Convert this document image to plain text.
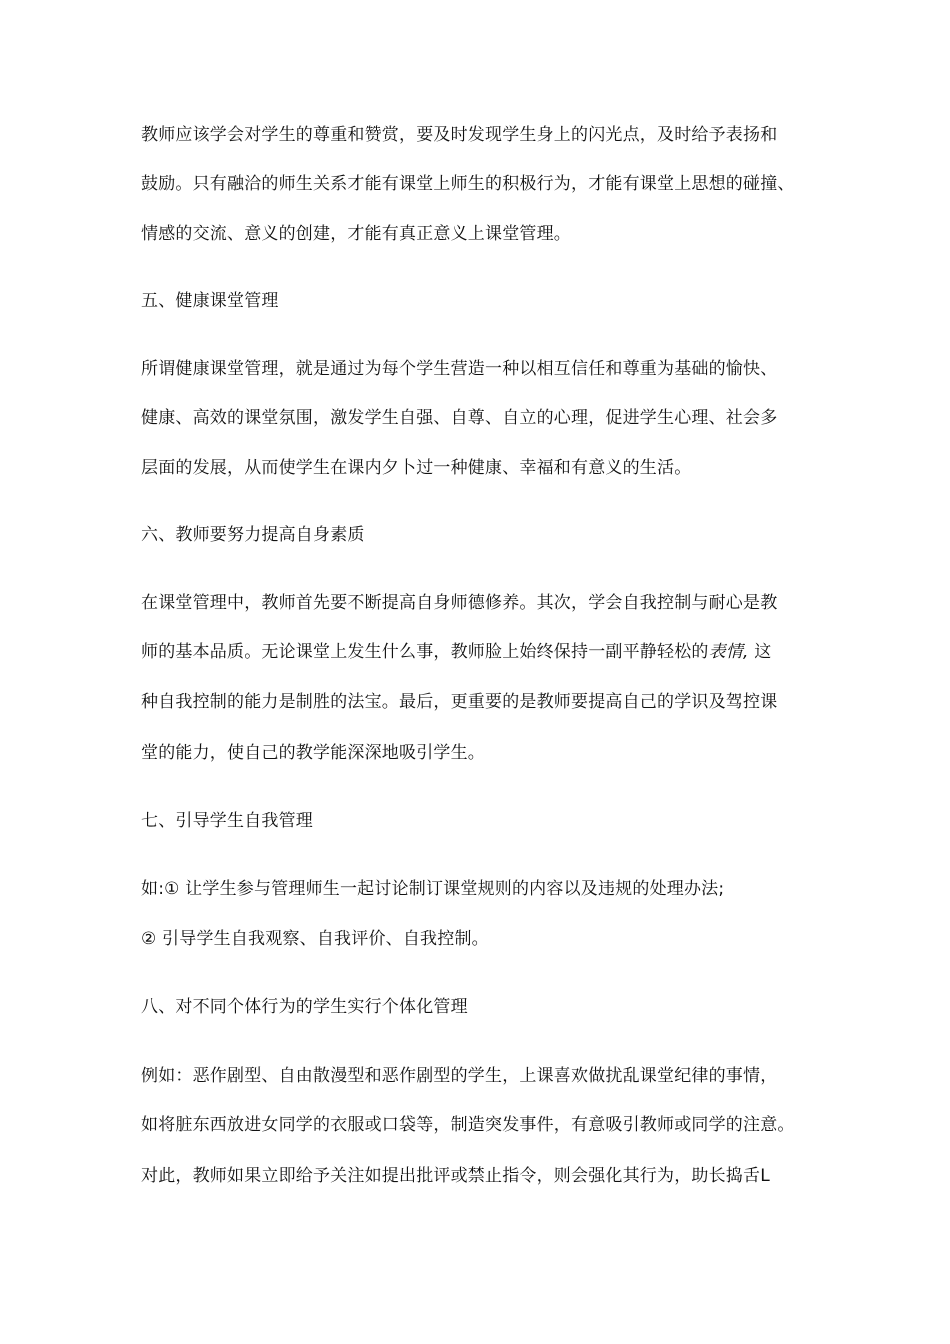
教师应该学会对学生的尊重和赞赏，要及时发现学生身上的闪光点，及时给予表扬和
鼓励。只有融洽的师生关系才能有课堂上师生的积极行为，才能有课堂上思想的碰撞、
情感的交流、意义的创建，才能有真正意义上课堂管理。
五、健康课堂管理
所谓健康课堂管理，就是通过为每个学生营造一种以相互信任和尊重为基础的愉快、
健康、高效的课堂氛围，激发学生自强、自尊、自立的心理，促进学生心理、社会多
层面的发展，从而使学生在课内夕卜过一种健康、幸福和有意义的生活。
六、教师要努力提高自身素质
在课堂管理中，教师首先要不断提高自身师德修养。其次，学会自我控制与耐心是教
师的基本品质。无论课堂上发生什么事，教师脸上始终保持一副平静轻松的表情, 这
种自我控制的能力是制胜的法宝。最后，更重要的是教师要提高自己的学识及驾控课
堂的能力，使自己的教学能深深地吸引学生。
七、引导学生自我管理
如:① 让学生参与管理师生一起讨论制订课堂规则的内容以及违规的处理办法;
② 引导学生自我观察、自我评价、自我控制。
八、对不同个体行为的学生实行个体化管理
例如：恶作剧型、自由散漫型和恶作剧型的学生，上课喜欢做扰乱课堂纪律的事情，
如将脏东西放进女同学的衣服或口袋等，制造突发事件，有意吸引教师或同学的注意。
对此，教师如果立即给予关注如提出批评或禁止指令，则会强化其行为，助长捣舌L
